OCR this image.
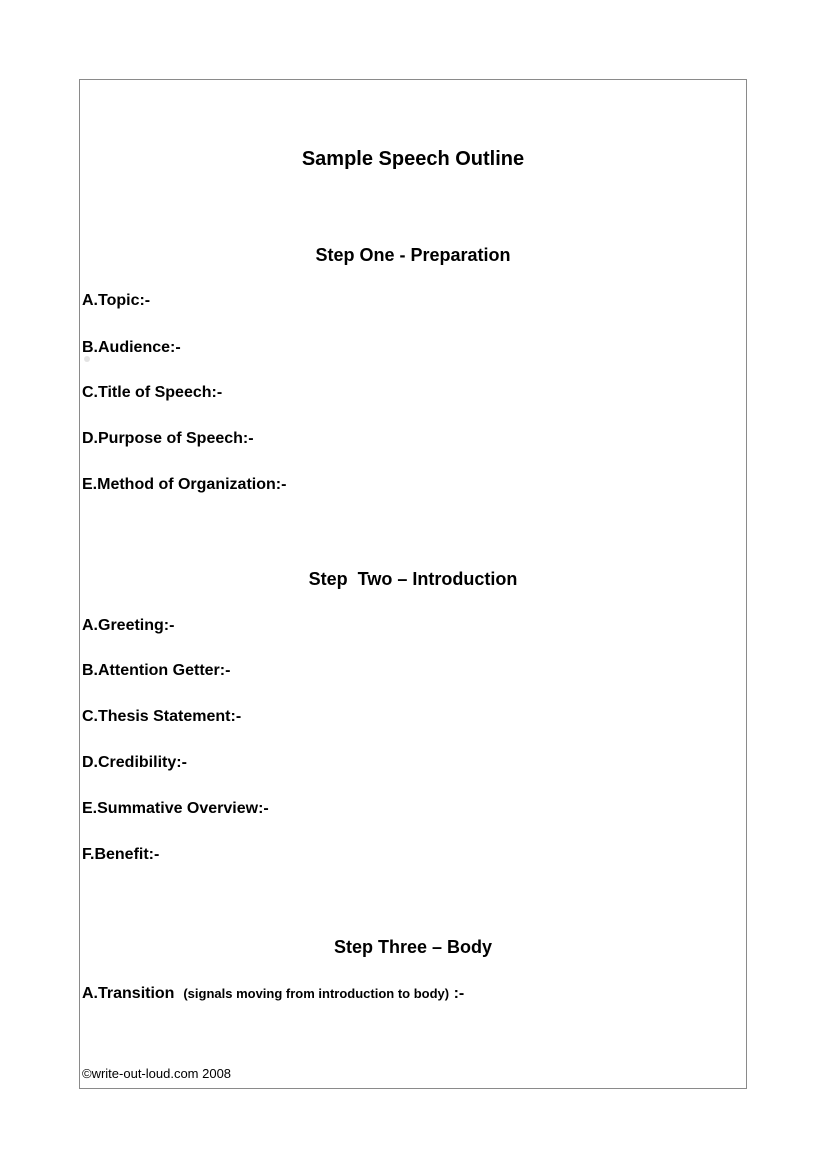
Sample Speech Outline
Step One - Preparation
A.Topic:-
B.Audience:-
C.Title of Speech:-
D.Purpose of Speech:-
E.Method of Organization:-
Step  Two – Introduction
A.Greeting:-
B.Attention Getter:-
C.Thesis Statement:-
D.Credibility:-
E.Summative Overview:-
F.Benefit:-
Step Three – Body
A.Transition (signals moving from introduction to body) :-
©write-out-loud.com 2008
